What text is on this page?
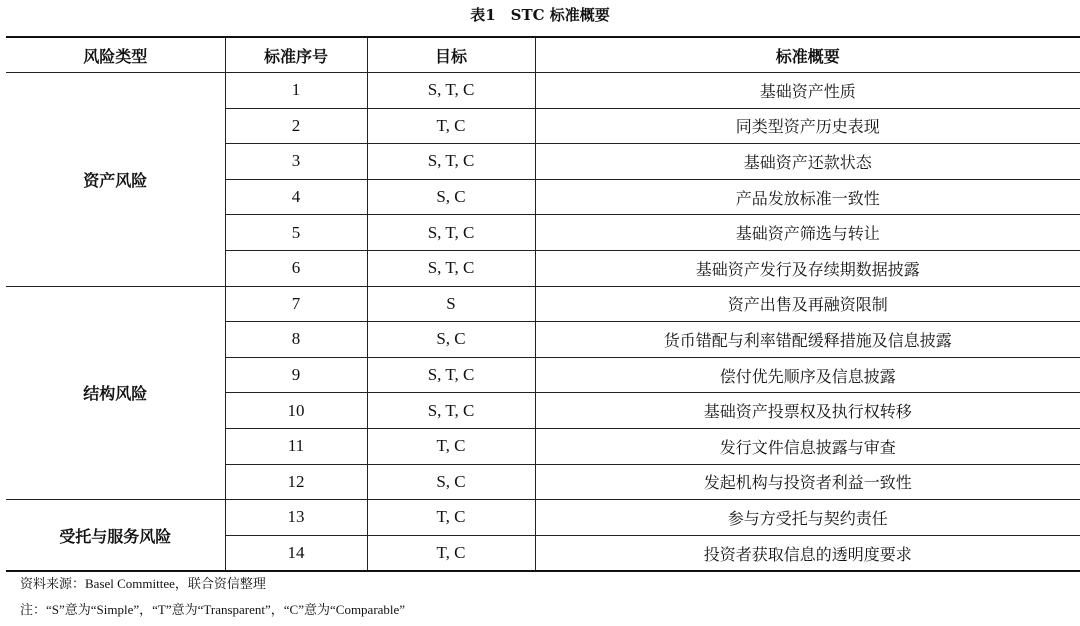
表1　STC 标准概要
风险类型	标准序号	目标	标准概要
资产风险	1	S, T, C	基础资产性质
	2	T, C	同类型资产历史表现
	3	S, T, C	基础资产还款状态
	4	S, C	产品发放标准一致性
	5	S, T, C	基础资产筛选与转让
	6	S, T, C	基础资产发行及存续期数据披露
结构风险	7	S	资产出售及再融资限制
	8	S, C	货币错配与利率错配缓释措施及信息披露
	9	S, T, C	偿付优先顺序及信息披露
	10	S, T, C	基础资产投票权及执行权转移
	11	T, C	发行文件信息披露与审查
	12	S, C	发起机构与投资者利益一致性
受托与服务风险	13	T, C	参与方受托与契约责任
	14	T, C	投资者获取信息的透明度要求
资料来源：Basel Committee，联合资信整理
注：“S”意为“Simple”，“T”意为“Transparent”，“C”意为“Comparable”
